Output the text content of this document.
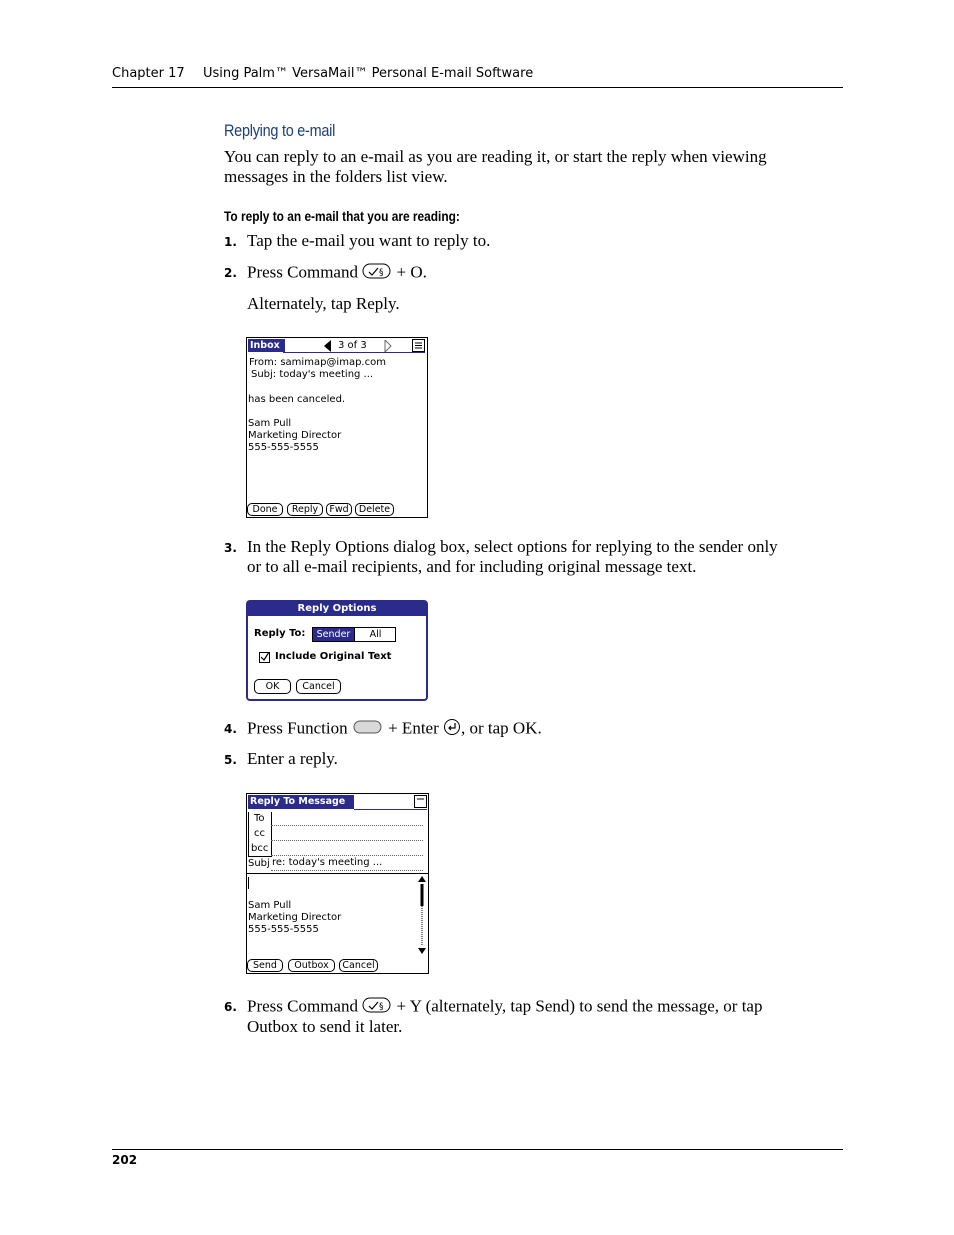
Chapter 17 Using Palm™ VersaMail™ Personal E-mail Software
Replying to e-mail
You can reply to an e-mail as you are reading it, or start the reply when viewing
messages in the folders list view.
To reply to an e-mail that you are reading:
1. Tap the e-mail you want to reply to.
2. Press Command § + O.
Alternately, tap Reply.
Inbox	3 of 3
From: samimap@imap.com
Subj: today's meeting ...
has been canceled.
Sam Pull
Marketing Director
555-555-5555
Done	Reply	Fwd	Delete
3. In the Reply Options dialog box, select options for replying to the sender only
or to all e-mail recipients, and for including original message text.
Reply Options
Reply To:	Sender	All
Include Original Text
OK	Cancel
4. Press Function + Enter , or tap OK.
5. Enter a reply.
Reply To Message
To
cc
bcc
Subj re: today's meeting ...
Sam Pull
Marketing Director
555-555-5555
Send	Outbox	Cancel
6. Press Command § + Y (alternately, tap Send) to send the message, or tap
Outbox to send it later.
202
